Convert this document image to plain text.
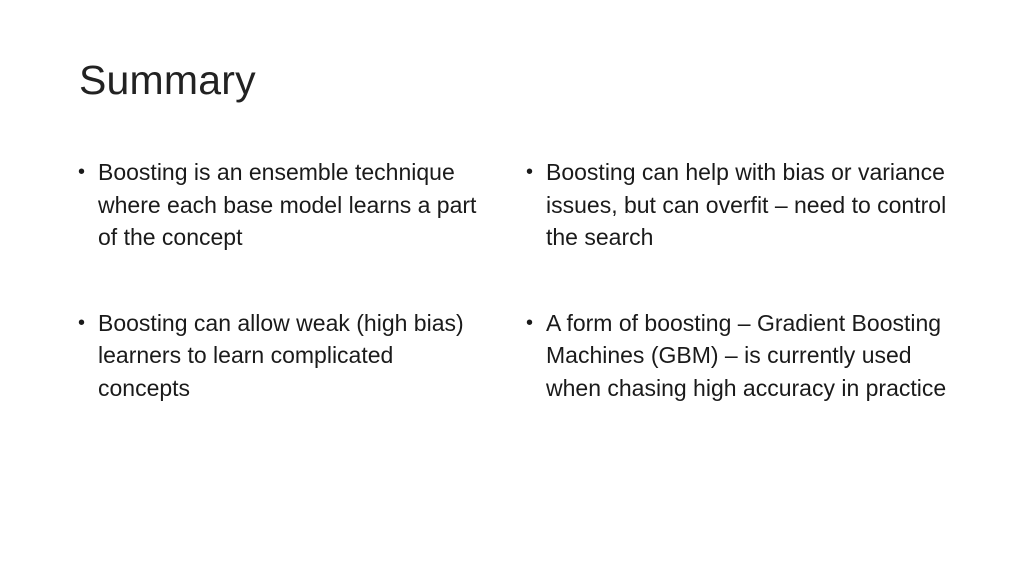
Summary
• Boosting is an ensemble technique where each base model learns a part of the concept
• Boosting can allow weak (high bias) learners to learn complicated concepts
• Boosting can help with bias or variance issues, but can overfit – need to control the search
• A form of boosting – Gradient Boosting Machines (GBM) – is currently used when chasing high accuracy in practice
